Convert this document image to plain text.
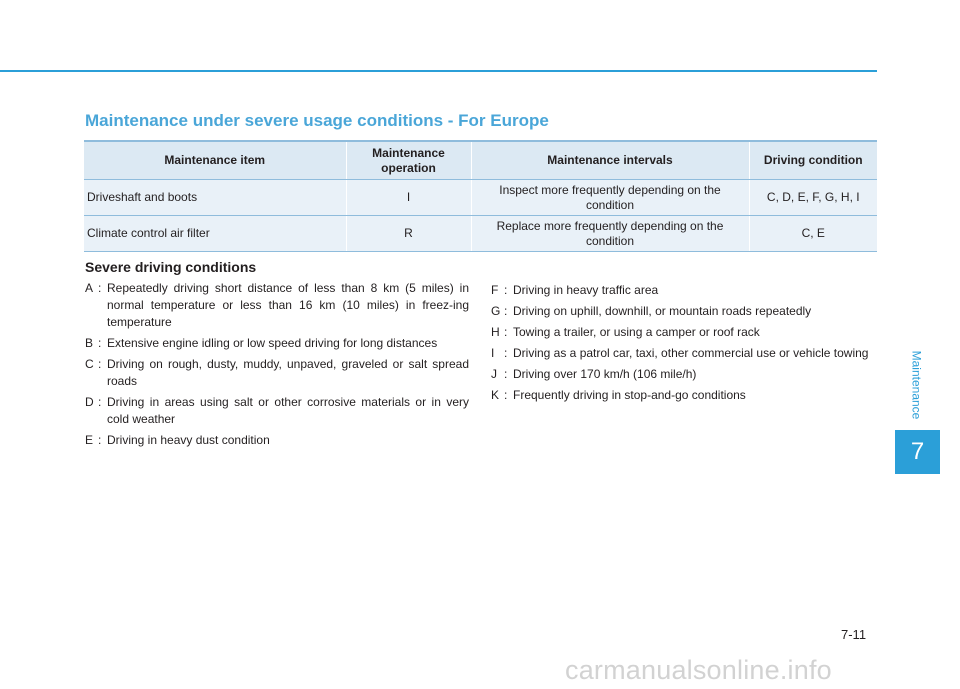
Maintenance under severe usage conditions - For Europe
Maintenance
7
Maintenance item	Maintenance operation	Maintenance intervals	Driving condition
Driveshaft and boots	I	Inspect more frequently depending on the condition	C, D, E, F, G, H, I
Climate control air filter	R	Replace more frequently depending on the condition	C, E
Severe driving conditions
A : Repeatedly driving short distance of less than 8 km (5 miles) in normal temperature or less than 16 km (10 miles) in freez-ing temperature
B : Extensive engine idling or low speed driving for long distances
C : Driving on rough, dusty, muddy, unpaved, graveled or salt spread roads
D : Driving in areas using salt or other corrosive materials or in very cold weather
E : Driving in heavy dust condition
F : Driving in heavy traffic area
G : Driving on uphill, downhill, or mountain roads repeatedly
H : Towing a trailer, or using a camper or roof rack
I : Driving as a patrol car, taxi, other commercial use or vehicle towing
J : Driving over 170 km/h (106 mile/h)
K : Frequently driving in stop-and-go conditions
7-11
carmanualsonline.info
